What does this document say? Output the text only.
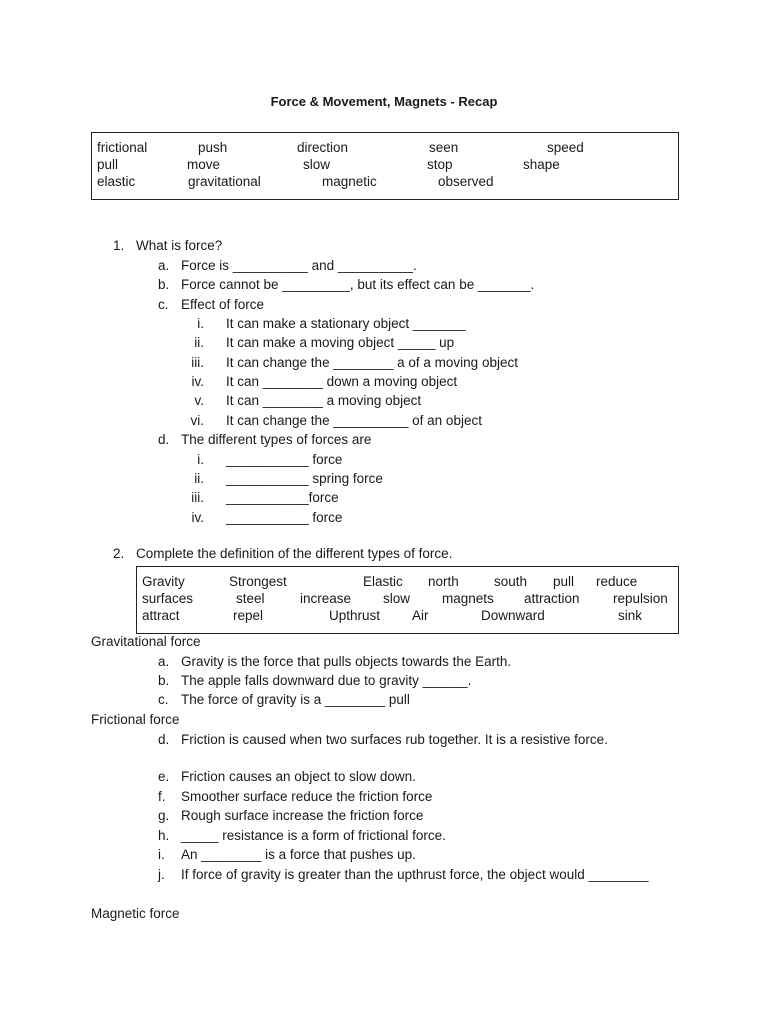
Force & Movement, Magnets - Recap
frictional	push	direction	seen	speed
pull	move	slow	stop	shape
elastic	gravitational	magnetic	observed
1. What is force?
a. Force is __________ and __________.
b. Force cannot be _________, but its effect can be _______.
c. Effect of force
i. It can make a stationary object _______
ii. It can make a moving object _____ up
iii. It can change the ________ a of a moving object
iv. It can ________ down a moving object
v. It can ________ a moving object
vi. It can change the __________ of an object
d. The different types of forces are
i. ___________ force
ii. ___________ spring force
iii. ___________force
iv. ___________ force
2. Complete the definition of the different types of force.
Gravity	Strongest	Elastic north	south pull reduce
surfaces	steel	increase slow magnets attraction repulsion
attract	repel	Upthrust Air	Downward	sink
Gravitational force
a. Gravity is the force that pulls objects towards the Earth.
b. The apple falls downward due to gravity ______.
c. The force of gravity is a ________ pull
Frictional force
d. Friction is caused when two surfaces rub together. It is a resistive force.
e. Friction causes an object to slow down.
f. Smoother surface reduce the friction force
g. Rough surface increase the friction force
h. _____ resistance is a form of frictional force.
i. An ________ is a force that pushes up.
j. If force of gravity is greater than the upthrust force, the object would ________
Magnetic force
